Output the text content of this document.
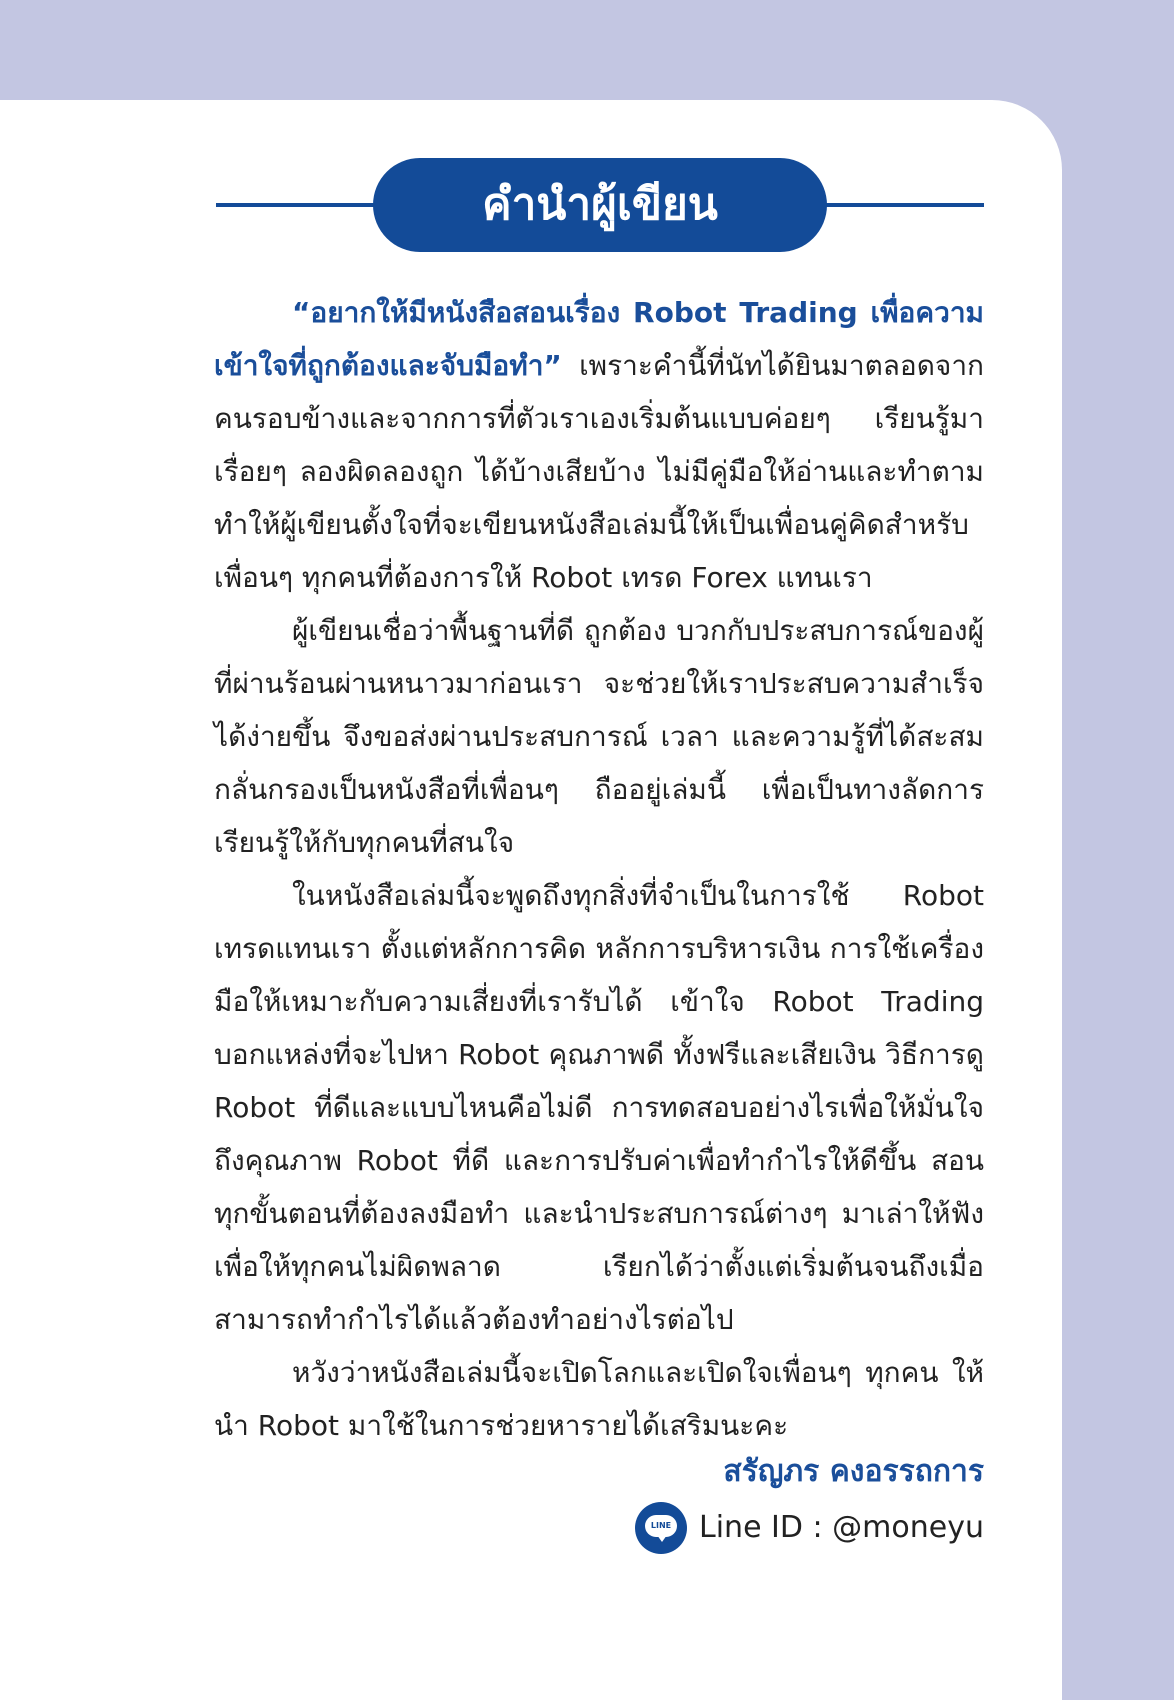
คำนำผู้เขียน

“อยากให้มีหนังสือสอนเรื่อง Robot Trading เพื่อความเข้าใจที่ถูกต้องและจับมือทำ” เพราะคำนี้ที่นัทได้ยินมาตลอดจากคนรอบข้างและจากการที่ตัวเราเองเริ่มต้นแบบค่อยๆ เรียนรู้มาเรื่อยๆ ลองผิดลองถูก ได้บ้างเสียบ้าง ไม่มีคู่มือให้อ่านและทำตาม ทำให้ผู้เขียนตั้งใจที่จะเขียนหนังสือเล่มนี้ให้เป็นเพื่อนคู่คิดสำหรับเพื่อนๆ ทุกคนที่ต้องการให้ Robot เทรด Forex แทนเรา

ผู้เขียนเชื่อว่าพื้นฐานที่ดี ถูกต้อง บวกกับประสบการณ์ของผู้ที่ผ่านร้อนผ่านหนาวมาก่อนเรา จะช่วยให้เราประสบความสำเร็จได้ง่ายขึ้น จึงขอส่งผ่านประสบการณ์ เวลา และความรู้ที่ได้สะสมกลั่นกรองเป็นหนังสือที่เพื่อนๆ ถืออยู่เล่มนี้ เพื่อเป็นทางลัดการเรียนรู้ให้กับทุกคนที่สนใจ

ในหนังสือเล่มนี้จะพูดถึงทุกสิ่งที่จำเป็นในการใช้ Robot เทรดแทนเรา ตั้งแต่หลักการคิด หลักการบริหารเงิน การใช้เครื่องมือให้เหมาะกับความเสี่ยงที่เรารับได้ เข้าใจ Robot Trading บอกแหล่งที่จะไปหา Robot คุณภาพดี ทั้งฟรีและเสียเงิน วิธีการดู Robot ที่ดีและแบบไหนคือไม่ดี การทดสอบอย่างไรเพื่อให้มั่นใจถึงคุณภาพ Robot ที่ดี และการปรับค่าเพื่อทำกำไรให้ดีขึ้น สอนทุกขั้นตอนที่ต้องลงมือทำ และนำประสบการณ์ต่างๆ มาเล่าให้ฟัง เพื่อให้ทุกคนไม่ผิดพลาด เรียกได้ว่าตั้งแต่เริ่มต้นจนถึงเมื่อสามารถทำกำไรได้แล้วต้องทำอย่างไรต่อไป

หวังว่าหนังสือเล่มนี้จะเปิดโลกและเปิดใจเพื่อนๆ ทุกคน ให้นำ Robot มาใช้ในการช่วยหารายได้เสริมนะคะ

สรัญภร คงอรรถการ
LINE Line ID : @moneyu
